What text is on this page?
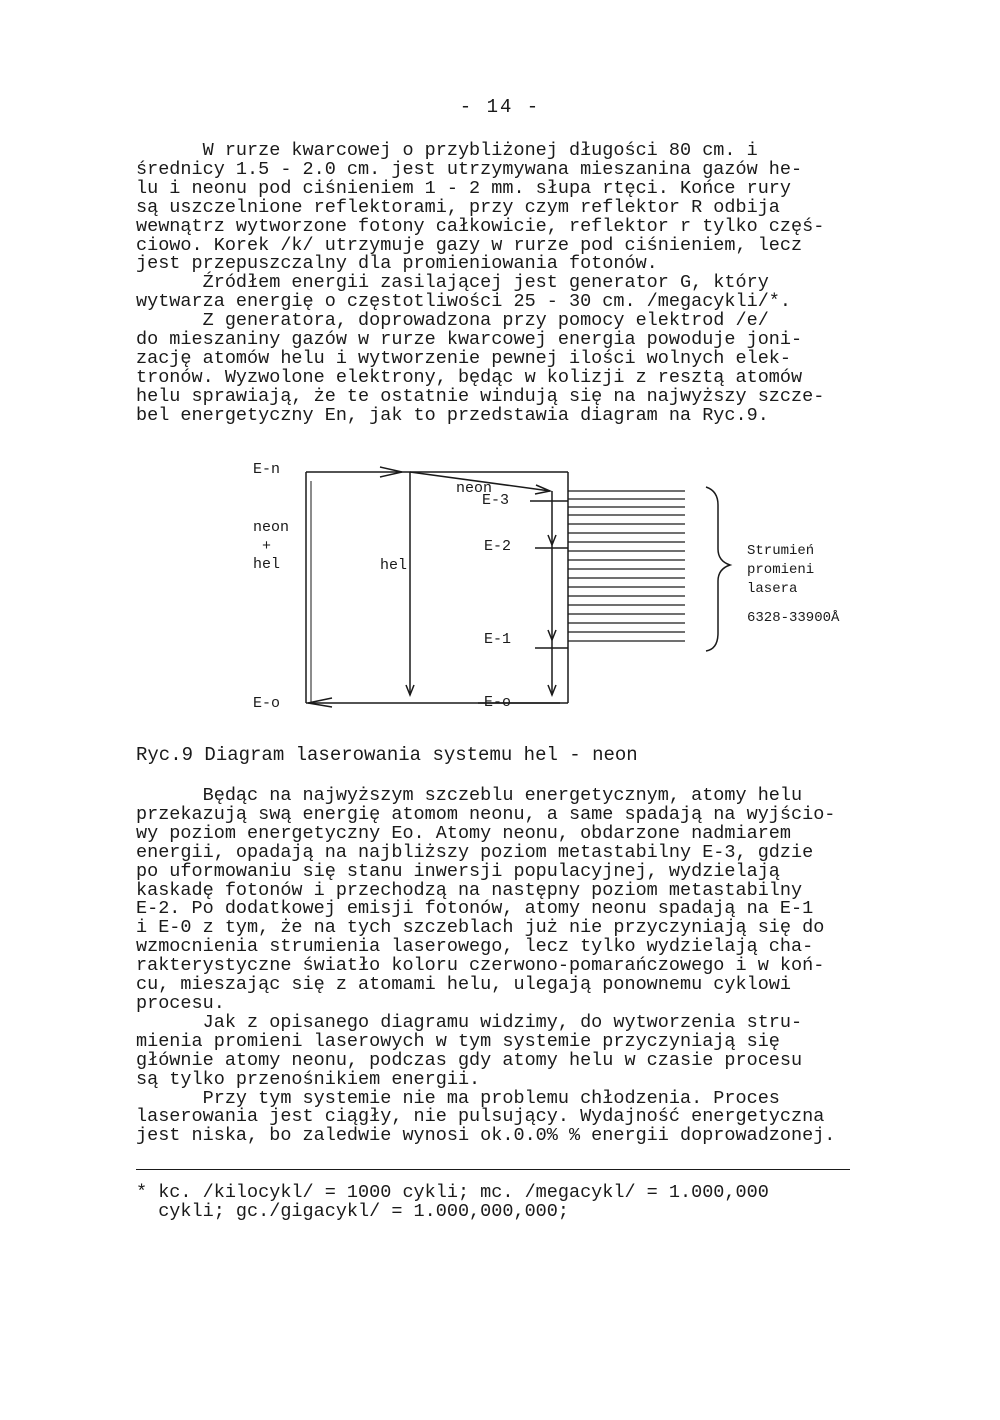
- 14 -

W rurze kwarcowej o przybliżonej długości 80 cm. i
średnicy 1.5 - 2.0 cm. jest utrzymywana mieszanina gazów he-
lu i neonu pod ciśnieniem 1 - 2 mm. słupa rtęci. Końce rury
są uszczelnione reflektorami, przy czym reflektor R odbija
wewnątrz wytworzone fotony całkowicie, reflektor r tylko częś-
ciowo. Korek /k/ utrzymuje gazy w rurze pod ciśnieniem, lecz
jest przepuszczalny dla promieniowania fotonów.
Źródłem energii zasilającej jest generator G, który
wytwarza energię o częstotliwości 25 - 30 cm. /megacykli/*.
Z generatora, doprowadzona przy pomocy elektrod /e/
do mieszaniny gazów w rurze kwarcowej energia powoduje joni-
zację atomów helu i wytworzenie pewnej ilości wolnych elek-
tronów. Wyzwolone elektrony, będąc w kolizji z resztą atomów
helu sprawiają, że te ostatnie windują się na najwyższy szcze-
bel energetyczny En, jak to przedstawia diagram na Ryc.9.

E-n
neon
+
hel
E-o
hel
neon
E-3
E-2
E-1
E-o
Strumień
promieni
lasera
6328-33900Å
Ryc.9 Diagram laserowania systemu hel - neon

Będąc na najwyższym szczeblu energetycznym, atomy helu
przekazują swą energię atomom neonu, a same spadają na wyjścio-
wy poziom energetyczny Eo. Atomy neonu, obdarzone nadmiarem
energii, opadają na najbliższy poziom metastabilny E-3, gdzie
po uformowaniu się stanu inwersji populacyjnej, wydzielają
kaskadę fotonów i przechodzą na następny poziom metastabilny
E-2. Po dodatkowej emisji fotonów, atomy neonu spadają na E-1
i E-0 z tym, że na tych szczeblach już nie przyczyniają się do
wzmocnienia strumienia laserowego, lecz tylko wydzielają cha-
rakterystyczne światło koloru czerwono-pomarańczowego i w koń-
cu, mieszając się z atomami helu, ulegają ponownemu cyklowi
procesu.
Jak z opisanego diagramu widzimy, do wytworzenia stru-
mienia promieni laserowych w tym systemie przyczyniają się
głównie atomy neonu, podczas gdy atomy helu w czasie procesu
są tylko przenośnikiem energii.
Przy tym systemie nie ma problemu chłodzenia. Proces
laserowania jest ciągły, nie pulsujący. Wydajność energetyczna
jest niska, bo zaledwie wynosi ok.0.0% % energii doprowadzonej.

* kc. /kilocykl/ = 1000 cykli; mc. /megacykl/ = 1.000,000
cykli; gc./gigacykl/ = 1.000,000,000;
